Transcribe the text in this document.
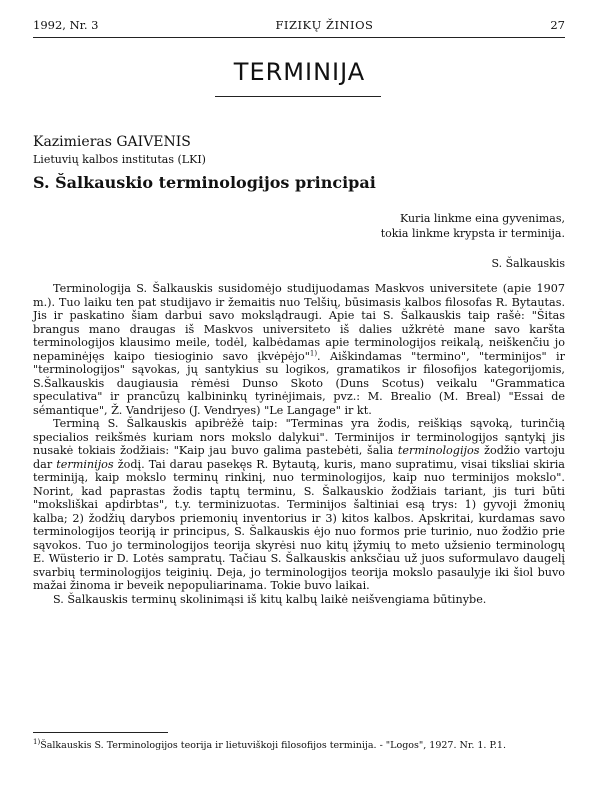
1992, Nr. 3	FIZIKŲ ŽINIOS	27
TERMINIJA
Kazimieras GAIVENIS
Lietuvių kalbos institutas (LKI)
S. Šalkauskio terminologijos principai
Kuria linkme eina gyvenimas,
tokia linkme krypsta ir terminija.
S. Šalkauskis

Terminologija S. Šalkauskis susidomėjo studijuodamas Maskvos universitete (apie 1907 m.). Tuo laiku ten pat studijavo ir žemaitis nuo Telšių, būsimasis kalbos filosofas R. Bytautas. Jis ir paskatino šiam darbui savo mokslądraugi. Apie tai S. Šalkauskis taip rašė: "Šitas brangus mano draugas iš Maskvos universiteto iš dalies užkrėtė mane savo karšta terminologijos klausimo meile, todėl, kalbėdamas apie terminologijos reikalą, neiškenčiu jo nepaminėjęs kaipo tiesioginio savo įkvėpėjo"$^{1)}$. Aiškindamas "termino", "terminijos" ir "terminologijos" sąvokas, jų santykius su logikos, gramatikos ir filosofijos kategorijomis, S.Šalkauskis daugiausia rėmėsi Dunso Skoto (Duns Scotus) veikalu "Grammatica speculativa" ir prancūzų kalbininkų tyrinėjimais, pvz.: M. Brealio (M. Breal) "Essai de sémantique", Ž. Vandrijeso (J. Vendryes) "Le Langage" ir kt.

Terminą S. Šalkauskis apibrėžė taip: "Terminas yra žodis, reiškiąs sąvoką, turinčią specialios reikšmės kuriam nors mokslo dalykui". Terminijos ir terminologijos sąntykį jis nusakė tokiais žodžiais: "Kaip jau buvo galima pastebėti, šalia terminologijos žodžio vartoju dar terminijos žodį. Tai darau pasekęs R. Bytautą, kuris, mano supratimu, visai tiksliai skiria terminiją, kaip mokslo terminų rinkinį, nuo terminologijos, kaip nuo terminijos mokslo". Norint, kad paprastas žodis taptų terminu, S. Šalkauskio žodžiais tariant, jis turi būti "moksliškai apdirbtas", t.y. terminizuotas. Terminijos šaltiniai esą trys: 1) gyvoji žmonių kalba; 2) žodžių darybos priemonių inventorius ir 3) kitos kalbos. Apskritai, kurdamas savo terminologijos teoriją ir principus, S. Šalkauskis ėjo nuo formos prie turinio, nuo žodžio prie sąvokos. Tuo jo terminologijos teorija skyrėsi nuo kitų įžymių to meto užsienio terminologų E. Wüsterio ir D. Lotės sampratų. Tačiau S. Šalkauskis anksčiau už juos suformulavo daugelį svarbių terminologijos teiginių. Deja, jo terminologijos teorija mokslo pasaulyje iki šiol buvo mažai žinoma ir beveik nepopuliarinama. Tokie buvo laikai.

S. Šalkauskis terminų skolinimąsi iš kitų kalbų laikė neišvengiama būtinybe.

$^{1)}$Šalkauskis S. Terminologijos teorija ir lietuviškoji filosofijos terminija. - "Logos", 1927. Nr. 1. P.1.
